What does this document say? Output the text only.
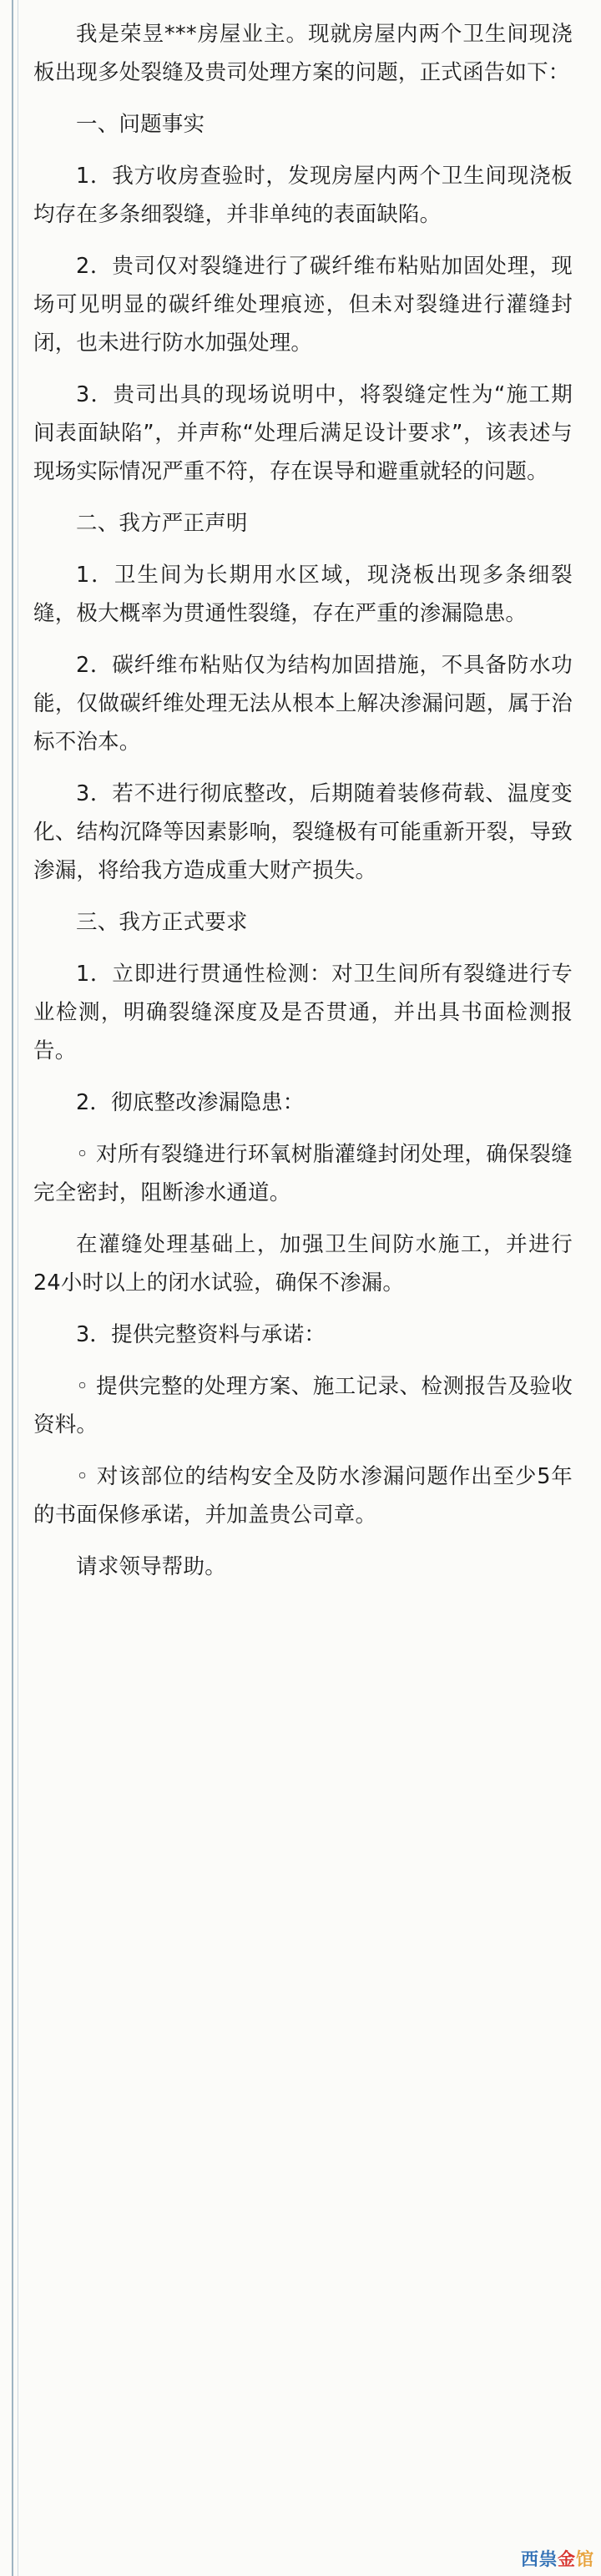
我是荣昱***房屋业主。现就房屋内两个卫生间现浇板出现多处裂缝及贵司处理方案的问题，正式函告如下：

一、问题事实

1．我方收房查验时，发现房屋内两个卫生间现浇板均存在多条细裂缝，并非单纯的表面缺陷。

2．贵司仅对裂缝进行了碳纤维布粘贴加固处理，现场可见明显的碳纤维处理痕迹，但未对裂缝进行灌缝封闭，也未进行防水加强处理。

3．贵司出具的现场说明中，将裂缝定性为“施工期间表面缺陷”，并声称“处理后满足设计要求”，该表述与现场实际情况严重不符，存在误导和避重就轻的问题。

二、我方严正声明

1．卫生间为长期用水区域，现浇板出现多条细裂缝，极大概率为贯通性裂缝，存在严重的渗漏隐患。

2．碳纤维布粘贴仅为结构加固措施，不具备防水功能，仅做碳纤维处理无法从根本上解决渗漏问题，属于治标不治本。

3．若不进行彻底整改，后期随着装修荷载、温度变化、结构沉降等因素影响，裂缝极有可能重新开裂，导致渗漏，将给我方造成重大财产损失。

三、我方正式要求

1．立即进行贯通性检测：对卫生间所有裂缝进行专业检测，明确裂缝深度及是否贯通，并出具书面检测报告。

2．彻底整改渗漏隐患：

◦ 对所有裂缝进行环氧树脂灌缝封闭处理，确保裂缝完全密封，阻断渗水通道。

在灌缝处理基础上，加强卫生间防水施工，并进行24小时以上的闭水试验，确保不渗漏。

3．提供完整资料与承诺：

◦ 提供完整的处理方案、施工记录、检测报告及验收资料。

◦ 对该部位的结构安全及防水渗漏问题作出至少5年的书面保修承诺，并加盖贵公司章。

请求领导帮助。

西祟 金 馆
